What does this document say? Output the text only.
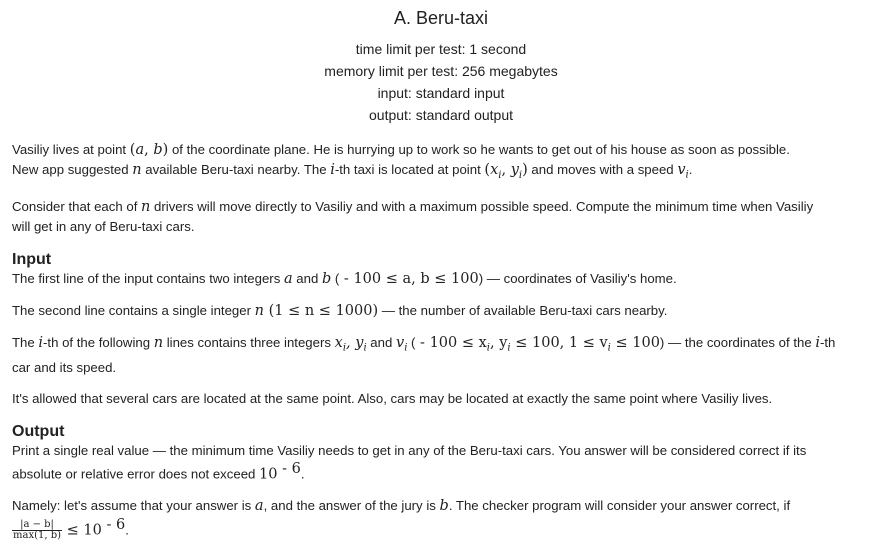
A. Beru-taxi
time limit per test: 1 second
memory limit per test: 256 megabytes
input: standard input
output: standard output
Vasiliy lives at point (a, b) of the coordinate plane. He is hurrying up to work so he wants to get out of his house as soon as possible.
New app suggested n available Beru-taxi nearby. The i-th taxi is located at point ($x_i$, $y_i$) and moves with a speed $v_i$.
Consider that each of n drivers will move directly to Vasiliy and with a maximum possible speed. Compute the minimum time when Vasiliy
will get in any of Beru-taxi cars.
Input
The first line of the input contains two integers a and b ( - 100 ≤ a, b ≤ 100) — coordinates of Vasiliy's home.
The second line contains a single integer n (1 ≤ n ≤ 1000) — the number of available Beru-taxi cars nearby.
The i-th of the following n lines contains three integers $x_i$, $y_i$ and $v_i$ ( - $100 \le x_i$, $y_i \le 100$, $1 \le v_i \le 100$) — the coordinates of the i-th
car and its speed.
It's allowed that several cars are located at the same point. Also, cars may be located at exactly the same point where Vasiliy lives.
Output
Print a single real value — the minimum time Vasiliy needs to get in any of the Beru-taxi cars. You answer will be considered correct if its
absolute or relative error does not exceed 10 $^{- 6}$.
Namely: let's assume that your answer is a, and the answer of the jury is b. The checker program will consider your answer correct, if

$\frac{|a - b|}{\max(1, b)} \le 10$ $^{- 6}$.
